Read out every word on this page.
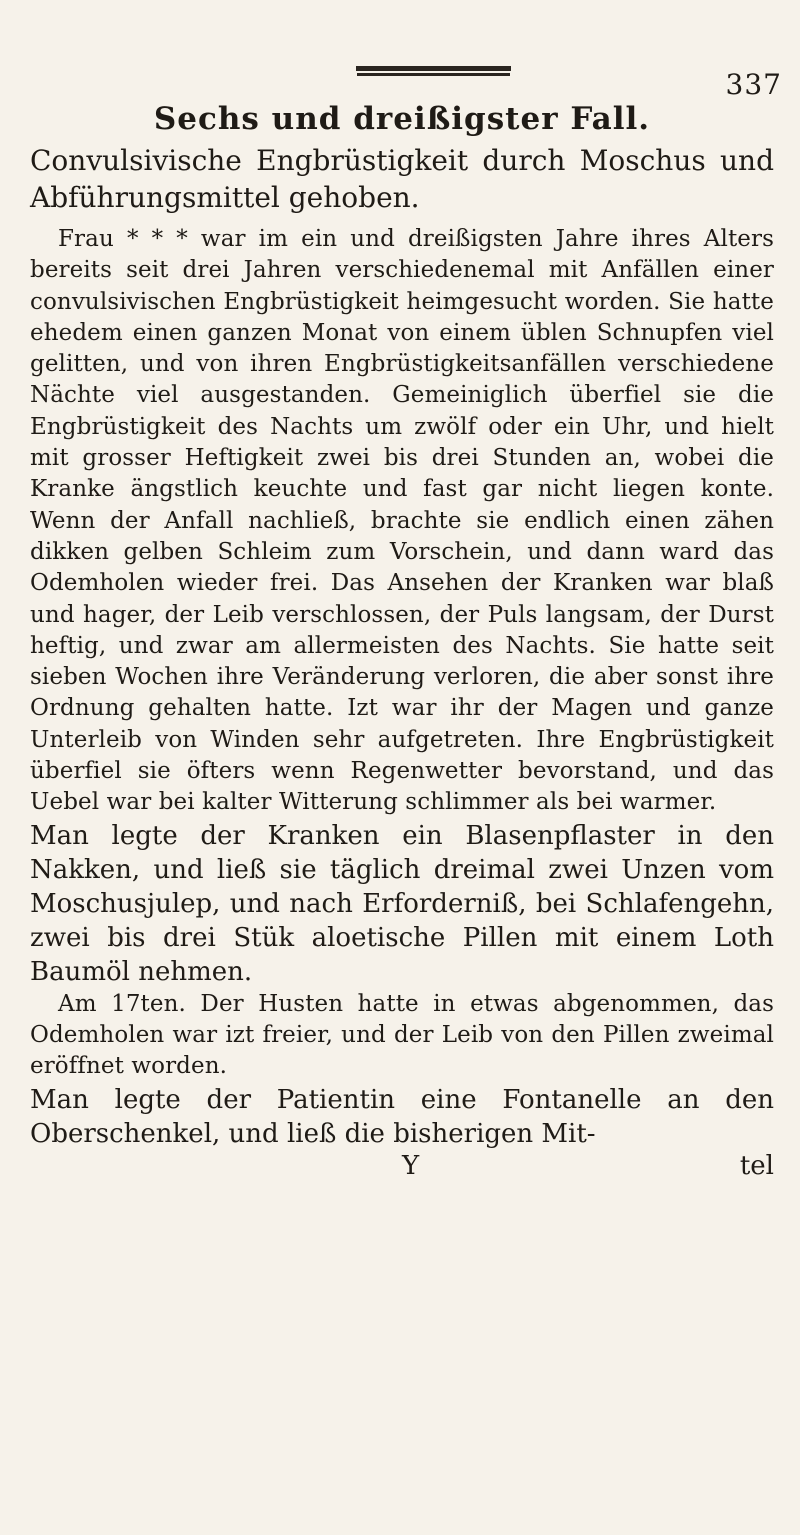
337
Sechs und dreißigster Fall.

Convulsivische Engbrüstigkeit durch Moschus und Abführungsmittel gehoben.

Frau * * * war im ein und dreißigsten Jahre ihres Alters bereits seit drei Jahren verschiedenemal mit Anfällen einer convulsivischen Engbrüstigkeit heimgesucht worden. Sie hatte ehedem einen ganzen Monat von einem üblen Schnupfen viel gelitten, und von ihren Engbrüstigkeitsanfällen verschiedene Nächte viel ausgestanden. Gemeiniglich überfiel sie die Engbrüstigkeit des Nachts um zwölf oder ein Uhr, und hielt mit grosser Heftigkeit zwei bis drei Stunden an, wobei die Kranke ängstlich keuchte und fast gar nicht liegen konte. Wenn der Anfall nachließ, brachte sie endlich einen zähen dikken gelben Schleim zum Vorschein, und dann ward das Odemholen wieder frei. Das Ansehen der Kranken war blaß und hager, der Leib verschlossen, der Puls langsam, der Durst heftig, und zwar am allermeisten des Nachts. Sie hatte seit sieben Wochen ihre Veränderung verloren, die aber sonst ihre Ordnung gehalten hatte. Izt war ihr der Magen und ganze Unterleib von Winden sehr aufgetreten. Ihre Engbrüstigkeit überfiel sie öfters wenn Regenwetter bevorstand, und das Uebel war bei kalter Witterung schlimmer als bei warmer.

Man legte der Kranken ein Blasenpflaster in den Nakken, und ließ sie täglich dreimal zwei Unzen vom Moschusjulep, und nach Erforderniß, bei Schlafengehn, zwei bis drei Stük aloetische Pillen mit einem Loth Baumöl nehmen.

Am 17ten. Der Husten hatte in etwas abgenommen, das Odemholen war izt freier, und der Leib von den Pillen zweimal eröffnet worden.

Man legte der Patientin eine Fontanelle an den Oberschenkel, und ließ die bisherigen Mit-

Y	tel
